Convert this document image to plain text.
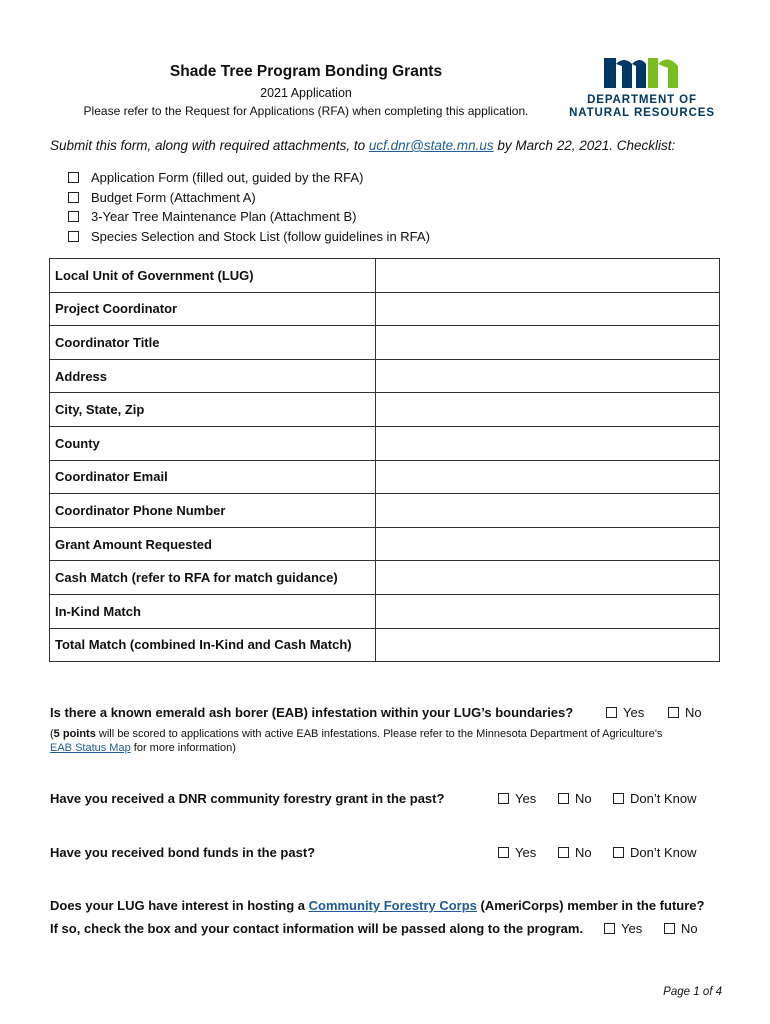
Shade Tree Program Bonding Grants
2021 Application
Please refer to the Request for Applications (RFA) when completing this application.
DEPARTMENT OF
NATURAL RESOURCES
Submit this form, along with required attachments, to ucf.dnr@state.mn.us by March 22, 2021. Checklist:
Application Form (filled out, guided by the RFA)
Budget Form (Attachment A)
3-Year Tree Maintenance Plan (Attachment B)
Species Selection and Stock List (follow guidelines in RFA)
Local Unit of Government (LUG)	
Project Coordinator	
Coordinator Title	
Address	
City, State, Zip	
County	
Coordinator Email	
Coordinator Phone Number	
Grant Amount Requested	
Cash Match (refer to RFA for match guidance)	
In-Kind Match	
Total Match (combined In-Kind and Cash Match)	
Is there a known emerald ash borer (EAB) infestation within your LUG’s boundaries?	Yes	No
(5 points will be scored to applications with active EAB infestations. Please refer to the Minnesota Department of Agriculture’s
EAB Status Map for more information)
Have you received a DNR community forestry grant in the past?	Yes	No	Don’t Know
Have you received bond funds in the past?	Yes	No	Don’t Know
Does your LUG have interest in hosting a Community Forestry Corps (AmeriCorps) member in the future?
If so, check the box and your contact information will be passed along to the program.	Yes	No
Page 1 of 4
